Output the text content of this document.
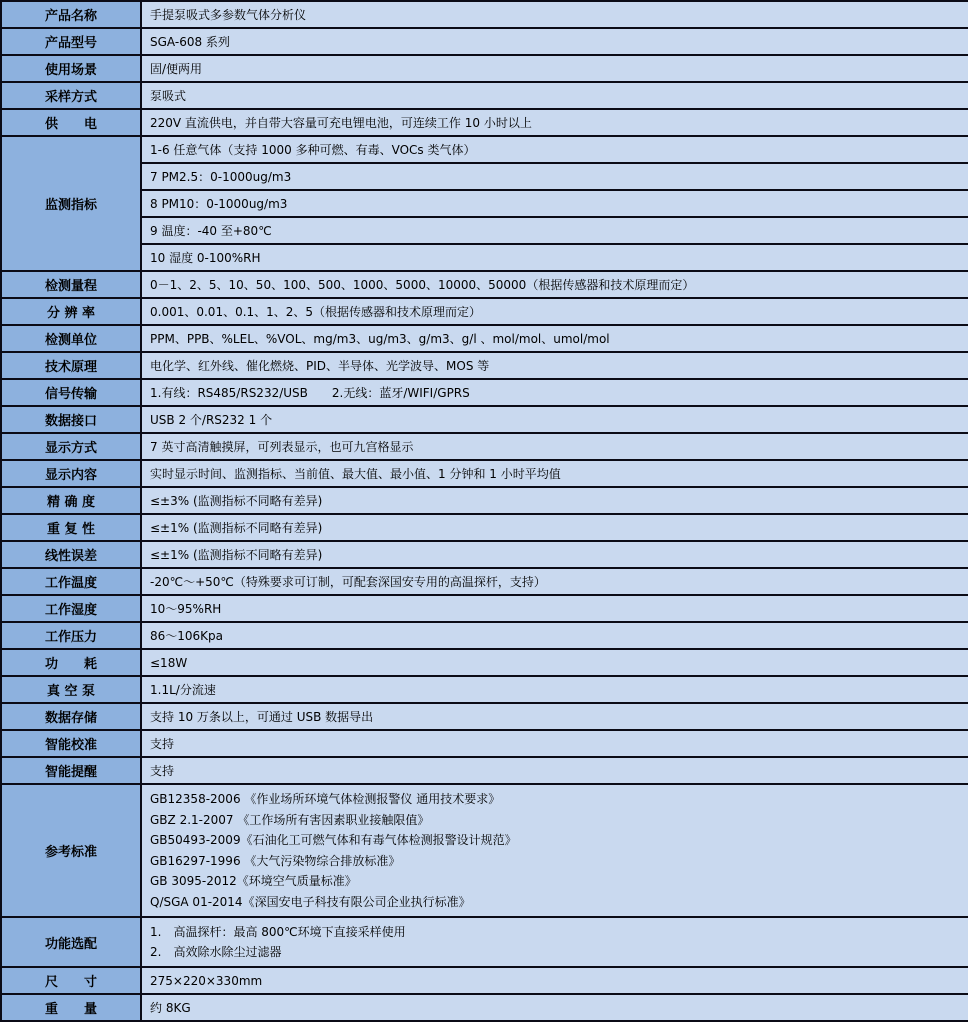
产品名称	手提泵吸式多参数气体分析仪
产品型号	SGA-608 系列
使用场景	固/便两用
采样方式	泵吸式
供　　电	220V 直流供电，并自带大容量可充电锂电池，可连续工作 10 小时以上
监测指标	1-6 任意气体（支持 1000 多种可燃、有毒、VOCs 类气体）
	7 PM2.5：0-1000ug/m3
	8 PM10：0-1000ug/m3
	9 温度：-40 至+80℃
	10 湿度 0-100%RH
检测量程	0－1、2、5、10、50、100、500、1000、5000、10000、50000（根据传感器和技术原理而定）
分 辨 率	0.001、0.01、0.1、1、2、5（根据传感器和技术原理而定）
检测单位	PPM、PPB、%LEL、%VOL、mg/m3、ug/m3、g/m3、g/l 、mol/mol、umol/mol
技术原理	电化学、红外线、催化燃烧、PID、半导体、光学波导、MOS 等
信号传输	1.有线：RS485/RS232/USB　　2.无线：蓝牙/WIFI/GPRS
数据接口	USB 2 个/RS232 1 个
显示方式	7 英寸高清触摸屏，可列表显示，也可九宫格显示
显示内容	实时显示时间、监测指标、当前值、最大值、最小值、1 分钟和 1 小时平均值
精 确 度	≤±3% (监测指标不同略有差异)
重 复 性	≤±1% (监测指标不同略有差异)
线性误差	≤±1% (监测指标不同略有差异)
工作温度	-20℃～+50℃（特殊要求可订制，可配套深国安专用的高温探杆，支持）
工作湿度	10～95%RH
工作压力	86～106Kpa
功　　耗	≤18W
真 空 泵	1.1L/分流速
数据存储	支持 10 万条以上，可通过 USB 数据导出
智能校准	支持
智能提醒	支持
参考标准	
GB12358-2006 《作业场所环境气体检测报警仪 通用技术要求》
GBZ 2.1-2007 《工作场所有害因素职业接触限值》
GB50493-2009《石油化工可燃气体和有毒气体检测报警设计规范》
GB16297-1996 《大气污染物综合排放标准》
GB 3095-2012《环境空气质量标准》
Q/SGA 01-2014《深国安电子科技有限公司企业执行标准》

功能选配	1.　高温探杆：最高 800℃环境下直接采样使用
2.　高效除水除尘过滤器

尺　　寸	275×220×330mm
重　　量	约 8KG
